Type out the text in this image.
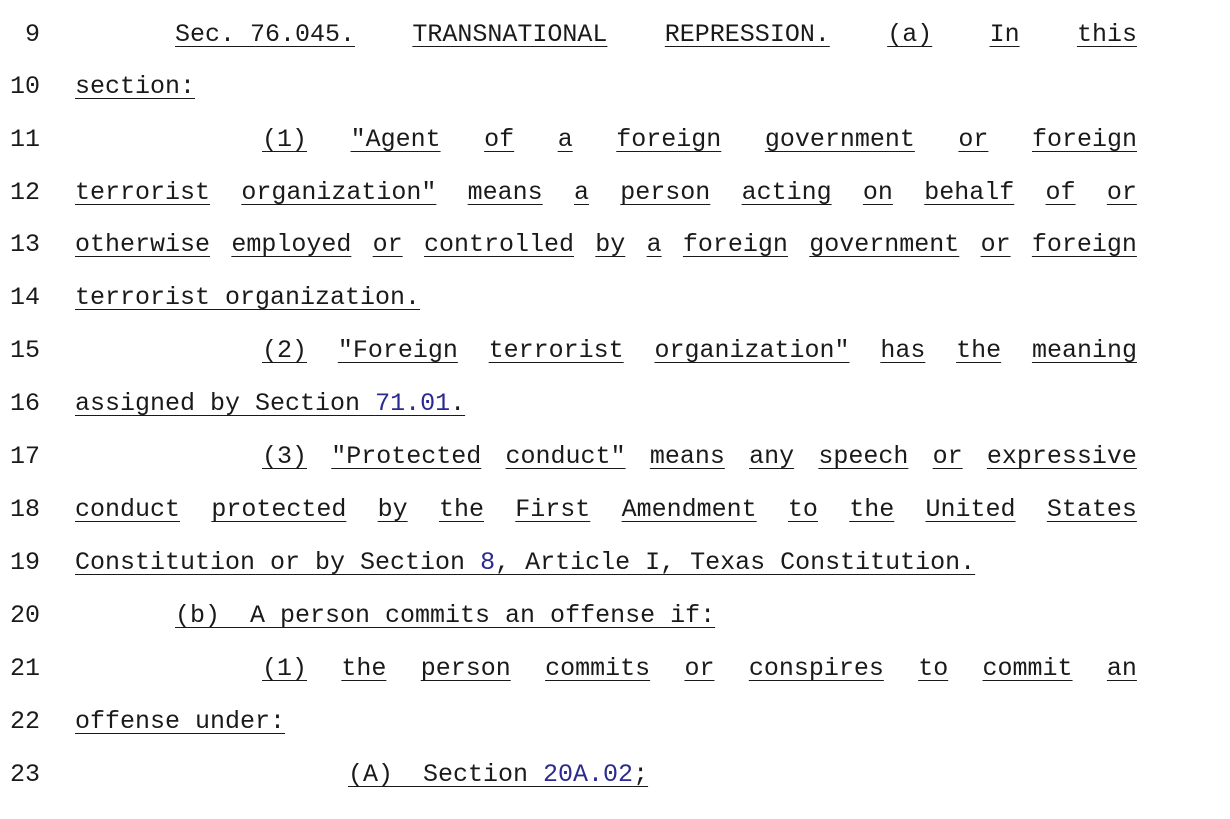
9	Sec. 76.045. TRANSNATIONAL REPRESSION. (a) In this
10	section:
11	(1) "Agent of a foreign government or foreign
12	terrorist organization" means a person acting on behalf of or
13	otherwise employed or controlled by a foreign government or foreign
14	terrorist organization.
15	(2) "Foreign terrorist organization" has the meaning
16	assigned by Section 71.01.
17	(3) "Protected conduct" means any speech or expressive
18	conduct protected by the First Amendment to the United States
19	Constitution or by Section 8, Article I, Texas Constitution.
20	(b)  A person commits an offense if:
21	(1) the person commits or conspires to commit an
22	offense under:
23	(A)  Section 20A.02;
